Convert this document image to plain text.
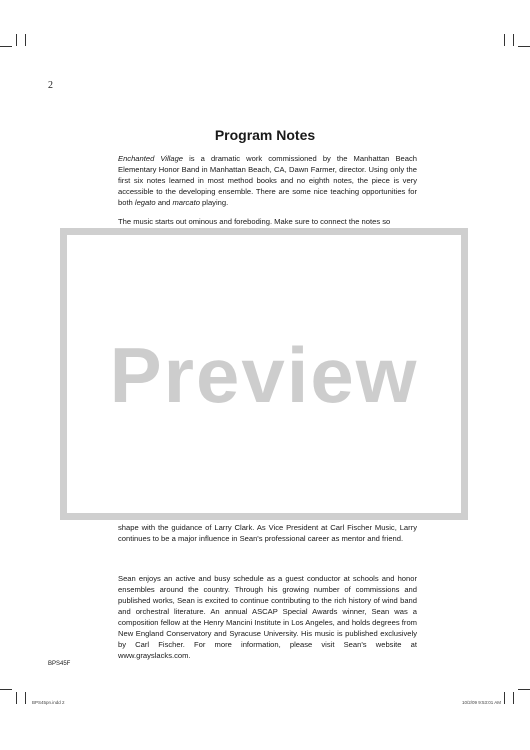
2
Program Notes

Enchanted Village is a dramatic work commissioned by the Manhattan Beach Elementary Honor Band in Manhattan Beach, CA, Dawn Farmer, director. Using only the first six notes learned in most method books and no eighth notes, the piece is very accessible to the developing ensemble. There are some nice teaching opportunities for both legato and marcato playing.

The music starts out ominous and foreboding. Make sure to connect the notes so

Preview

shape with the guidance of Larry Clark. As Vice President at Carl Fischer Music, Larry continues to be a major influence in Sean's professional career as mentor and friend.

Sean enjoys an active and busy schedule as a guest conductor at schools and honor ensembles around the country. Through his growing number of commissions and published works, Sean is excited to continue contributing to the rich history of wind band and orchestral literature. An annual ASCAP Special Awards winner, Sean was a composition fellow at the Henry Mancini Institute in Los Angeles, and holds degrees from New England Conservatory and Syracuse University. His music is published exclusively by Carl Fischer. For more information, please visit Sean's website at www.grayslacks.com.

BPS45F
BPS45pn.indd 2	10/2/09 9:53:01 AM
